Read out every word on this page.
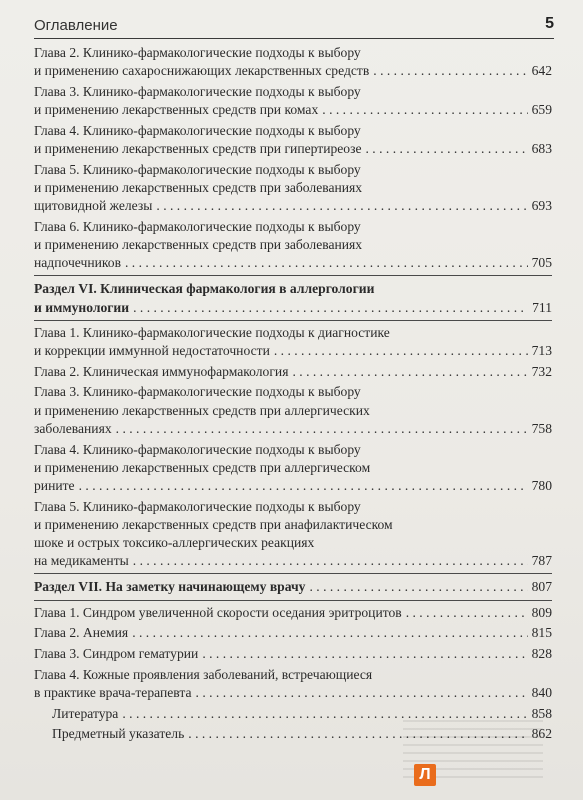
Оглавление	5
Глава 2. Клинико-фармакологические подходы к выбору
и применению сахароснижающих лекарственных средств . . .	642
Глава 3. Клинико-фармакологические подходы к выбору
и применению лекарственных средств при комах . . .	659
Глава 4. Клинико-фармакологические подходы к выбору
и применению лекарственных средств при гипертиреозе . . .	683
Глава 5. Клинико-фармакологические подходы к выбору
и применению лекарственных средств при заболеваниях
щитовидной железы . . .	693
Глава 6. Клинико-фармакологические подходы к выбору
и применению лекарственных средств при заболеваниях
надпочечников . . .	705
Раздел VI. Клиническая фармакология в аллергологии
и иммунологии . . .	711
Глава 1. Клинико-фармакологические подходы к диагностике
и коррекции иммунной недостаточности . . .	713
Глава 2. Клиническая иммунофармакология . . .	732
Глава 3. Клинико-фармакологические подходы к выбору
и применению лекарственных средств при аллергических
заболеваниях . . .	758
Глава 4. Клинико-фармакологические подходы к выбору
и применению лекарственных средств при аллергическом
рините . . .	780
Глава 5. Клинико-фармакологические подходы к выбору
и применению лекарственных средств при анафилактическом
шоке и острых токсико-аллергических реакциях
на медикаменты . . .	787
Раздел VII. На заметку начинающему врачу . . .	807
Глава 1. Синдром увеличенной скорости оседания эритроцитов . . .	809
Глава 2. Анемия . . .	815
Глава 3. Синдром гематурии . . .	828
Глава 4. Кожные проявления заболеваний, встречающиеся
в практике врача-терапевта . . .	840
Литература . . .	858
Предметный указатель . . .	862
Л
